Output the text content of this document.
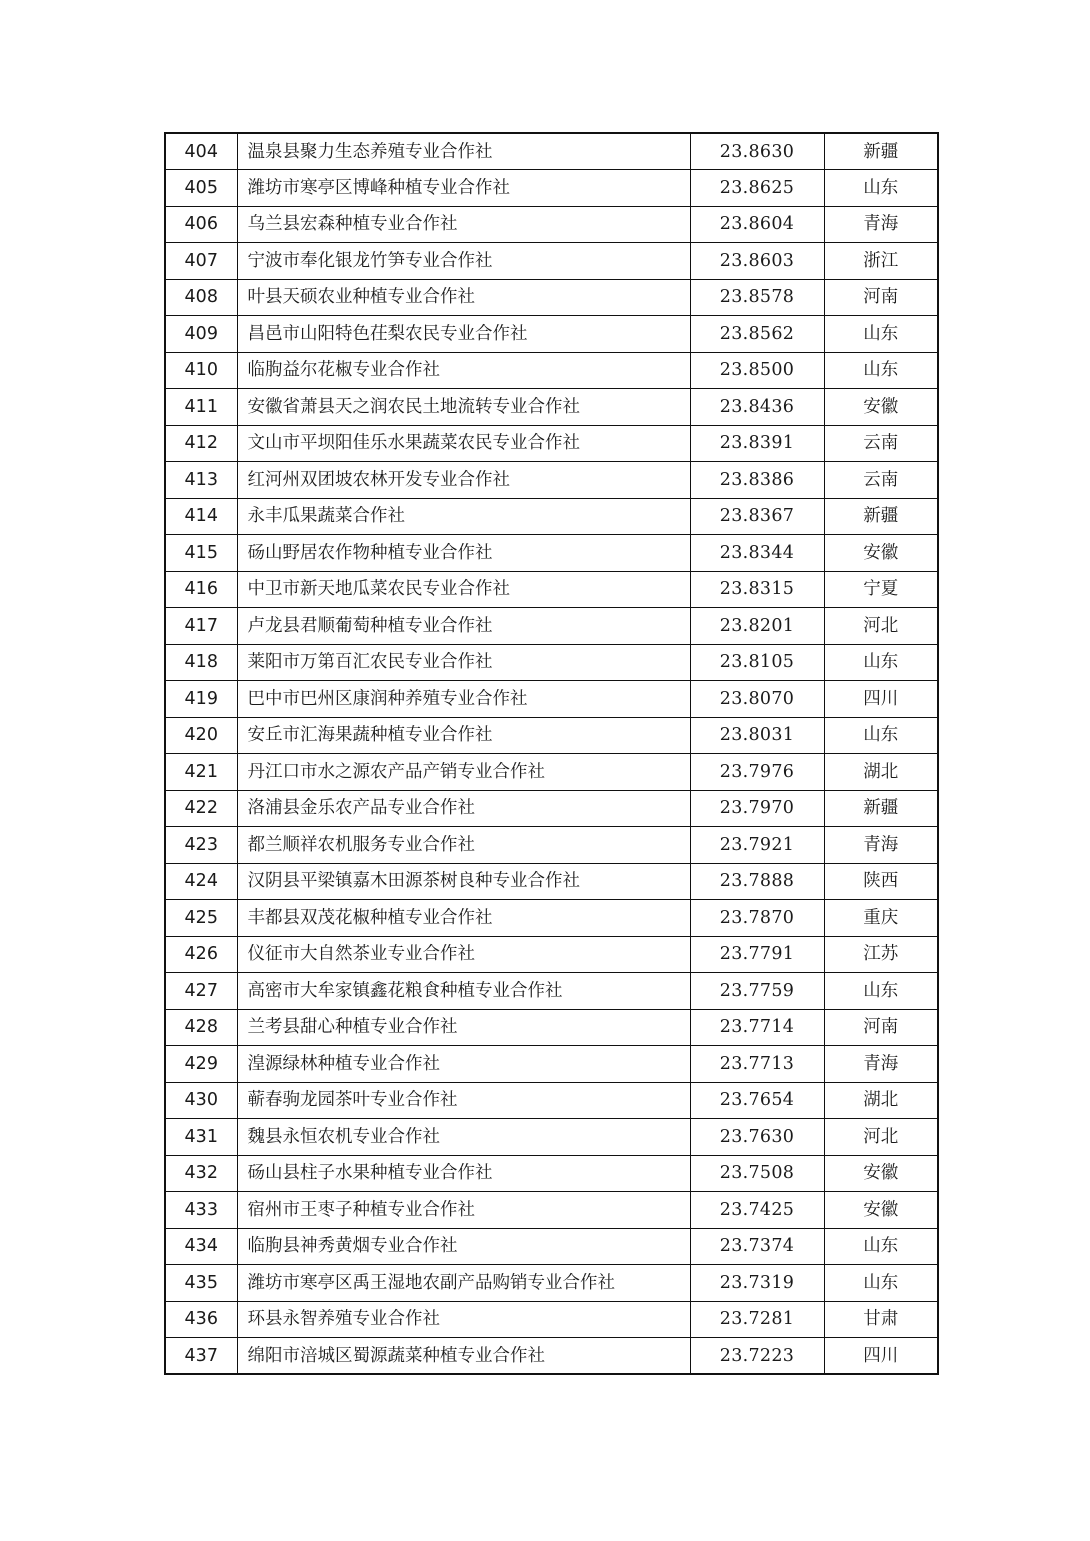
404	温泉县聚力生态养殖专业合作社	23.8630	新疆
405	潍坊市寒亭区博峰种植专业合作社	23.8625	山东
406	乌兰县宏森种植专业合作社	23.8604	青海
407	宁波市奉化银龙竹笋专业合作社	23.8603	浙江
408	叶县天硕农业种植专业合作社	23.8578	河南
409	昌邑市山阳特色茌梨农民专业合作社	23.8562	山东
410	临朐益尔花椒专业合作社	23.8500	山东
411	安徽省萧县天之润农民土地流转专业合作社	23.8436	安徽
412	文山市平坝阳佳乐水果蔬菜农民专业合作社	23.8391	云南
413	红河州双团坡农林开发专业合作社	23.8386	云南
414	永丰瓜果蔬菜合作社	23.8367	新疆
415	砀山野居农作物种植专业合作社	23.8344	安徽
416	中卫市新天地瓜菜农民专业合作社	23.8315	宁夏
417	卢龙县君顺葡萄种植专业合作社	23.8201	河北
418	莱阳市万第百汇农民专业合作社	23.8105	山东
419	巴中市巴州区康润种养殖专业合作社	23.8070	四川
420	安丘市汇海果蔬种植专业合作社	23.8031	山东
421	丹江口市水之源农产品产销专业合作社	23.7976	湖北
422	洛浦县金乐农产品专业合作社	23.7970	新疆
423	都兰顺祥农机服务专业合作社	23.7921	青海
424	汉阴县平梁镇嘉木田源茶树良种专业合作社	23.7888	陕西
425	丰都县双茂花椒种植专业合作社	23.7870	重庆
426	仪征市大自然茶业专业合作社	23.7791	江苏
427	高密市大牟家镇鑫花粮食种植专业合作社	23.7759	山东
428	兰考县甜心种植专业合作社	23.7714	河南
429	湟源绿林种植专业合作社	23.7713	青海
430	蕲春驹龙园茶叶专业合作社	23.7654	湖北
431	魏县永恒农机专业合作社	23.7630	河北
432	砀山县柱子水果种植专业合作社	23.7508	安徽
433	宿州市王枣子种植专业合作社	23.7425	安徽
434	临朐县神秀黄烟专业合作社	23.7374	山东
435	潍坊市寒亭区禹王湿地农副产品购销专业合作社	23.7319	山东
436	环县永智养殖专业合作社	23.7281	甘肃
437	绵阳市涪城区蜀源蔬菜种植专业合作社	23.7223	四川
